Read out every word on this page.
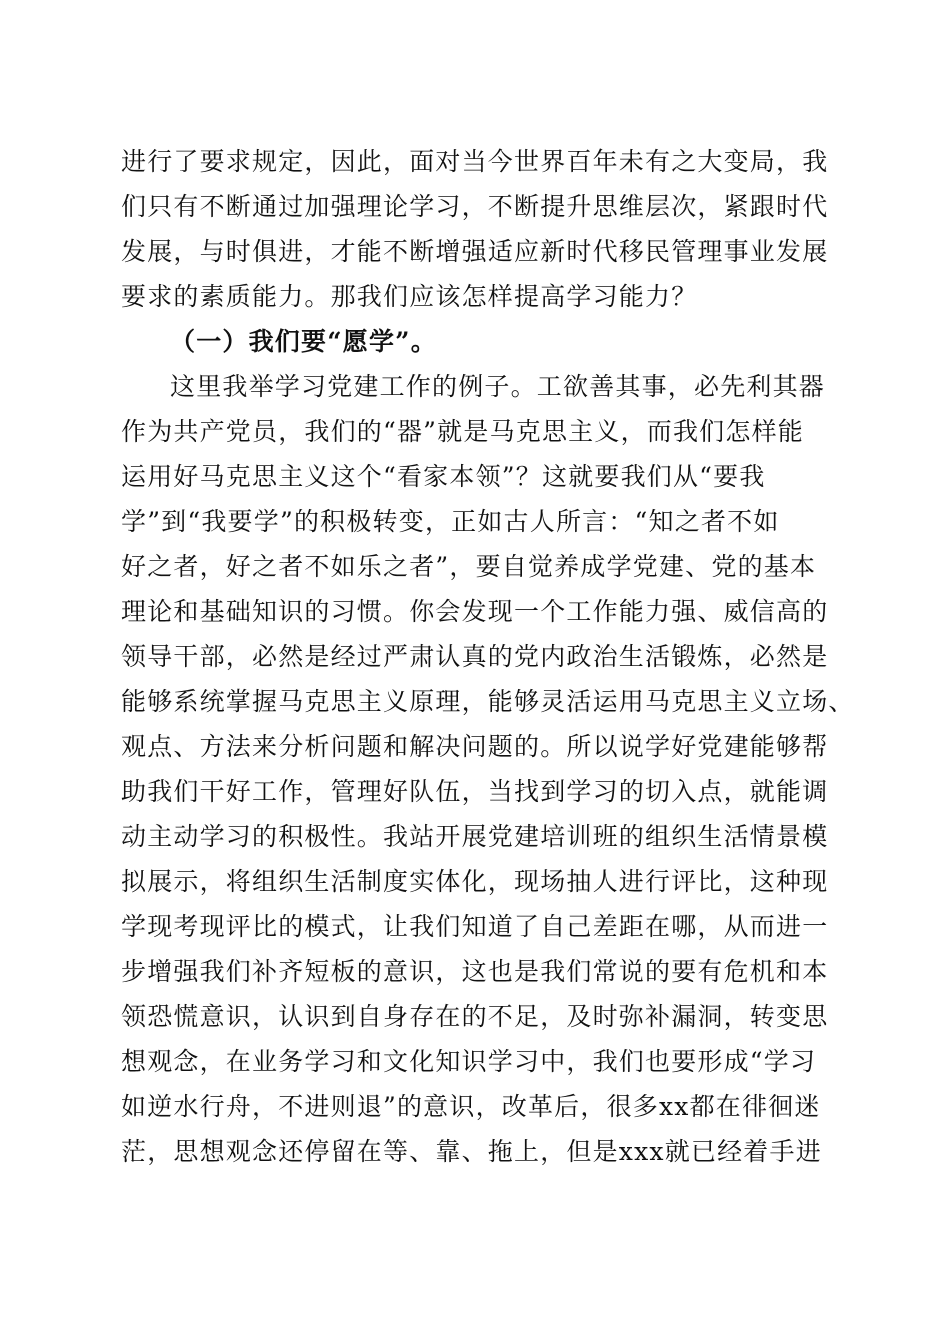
进行了要求规定，因此，面对当今世界百年未有之大变局，我
们只有不断通过加强理论学习，不断提升思维层次，紧跟时代
发展，与时俱进，才能不断增强适应新时代移民管理事业发展
要求的素质能力。那我们应该怎样提高学习能力？
（一）我们要“愿学”。
这里我举学习党建工作的例子。工欲善其事，必先利其器
作为共产党员，我们的“器”就是马克思主义，而我们怎样能
运用好马克思主义这个“看家本领”？这就要我们从“要我
学”到“我要学”的积极转变，正如古人所言：“知之者不如
好之者，好之者不如乐之者”，要自觉养成学党建、党的基本
理论和基础知识的习惯。你会发现一个工作能力强、威信高的
领导干部，必然是经过严肃认真的党内政治生活锻炼，必然是
能够系统掌握马克思主义原理，能够灵活运用马克思主义立场、
观点、方法来分析问题和解决问题的。所以说学好党建能够帮
助我们干好工作，管理好队伍，当找到学习的切入点，就能调
动主动学习的积极性。我站开展党建培训班的组织生活情景模
拟展示，将组织生活制度实体化，现场抽人进行评比，这种现
学现考现评比的模式，让我们知道了自己差距在哪，从而进一
步增强我们补齐短板的意识，这也是我们常说的要有危机和本
领恐慌意识，认识到自身存在的不足，及时弥补漏洞，转变思
想观念，在业务学习和文化知识学习中，我们也要形成“学习
如逆水行舟，不进则退”的意识，改革后，很多xx都在徘徊迷
茫，思想观念还停留在等、靠、拖上，但是xxx就已经着手进
